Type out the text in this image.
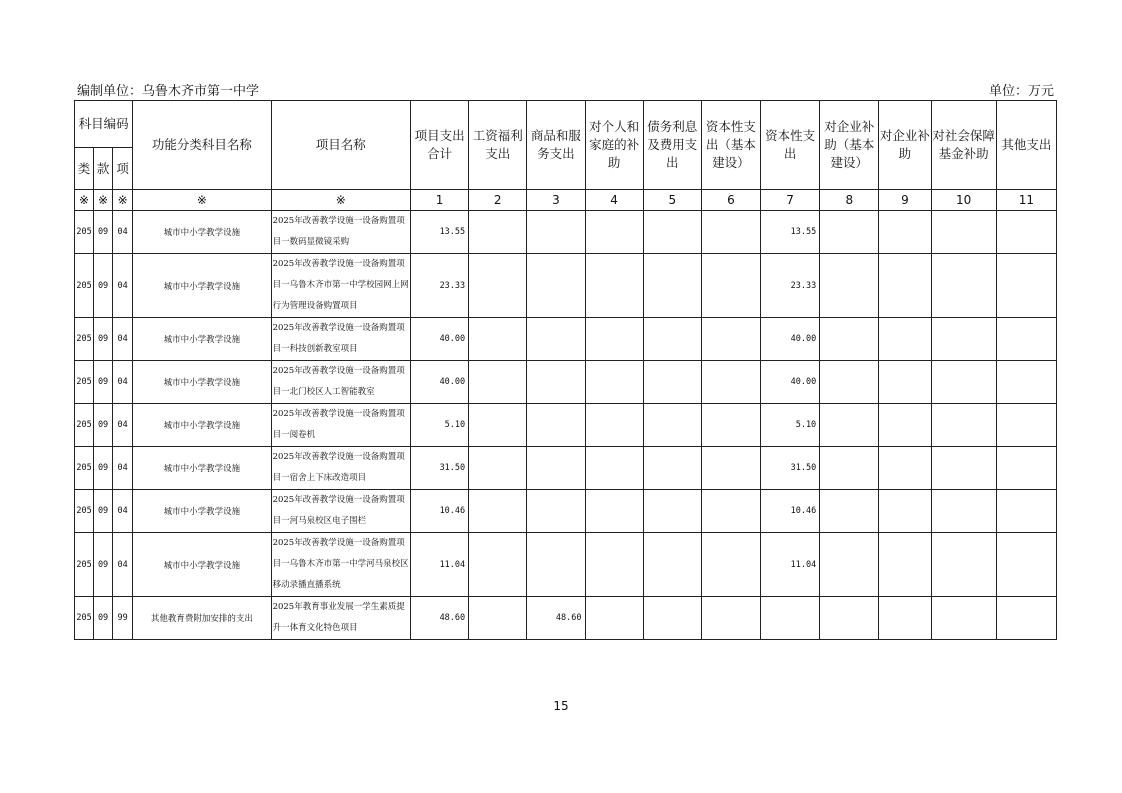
编制单位：乌鲁木齐市第一中学	单位：万元
科目编码			功能分类科目名称	项目名称	项目支出合计	工资福利支出	商品和服务支出	对个人和家庭的补助	债务利息及费用支出	资本性支出（基本建设）	资本性支出	对企业补助（基本建设）	对企业补助	对社会保障基金补助	其他支出
类	款	项													
※	※	※	※	※	1	2	3	4	5	6	7	8	9	10	11
205	09	04	城市中小学教学设施	2025年改善教学设施一设备购置项目一数码显微镜采购	13.55						13.55				
205	09	04	城市中小学教学设施	2025年改善教学设施一设备购置项目一乌鲁木齐市第一中学校园网上网行为管理设备购置项目	23.33						23.33				
205	09	04	城市中小学教学设施	2025年改善教学设施一设备购置项目一科技创新教室项目	40.00						40.00				
205	09	04	城市中小学教学设施	2025年改善教学设施一设备购置项目一北门校区人工智能教室	40.00						40.00				
205	09	04	城市中小学教学设施	2025年改善教学设施一设备购置项目一阅卷机	5.10						5.10				
205	09	04	城市中小学教学设施	2025年改善教学设施一设备购置项目一宿舍上下床改造项目	31.50						31.50				
205	09	04	城市中小学教学设施	2025年改善教学设施一设备购置项目一河马泉校区电子围栏	10.46						10.46				
205	09	04	城市中小学教学设施	2025年改善教学设施一设备购置项目一乌鲁木齐市第一中学河马泉校区移动录播直播系统	11.04						11.04				
205	09	99	其他教育费附加安排的支出	2025年教育事业发展一学生素质提升一体育文化特色项目	48.60		48.60								
15
